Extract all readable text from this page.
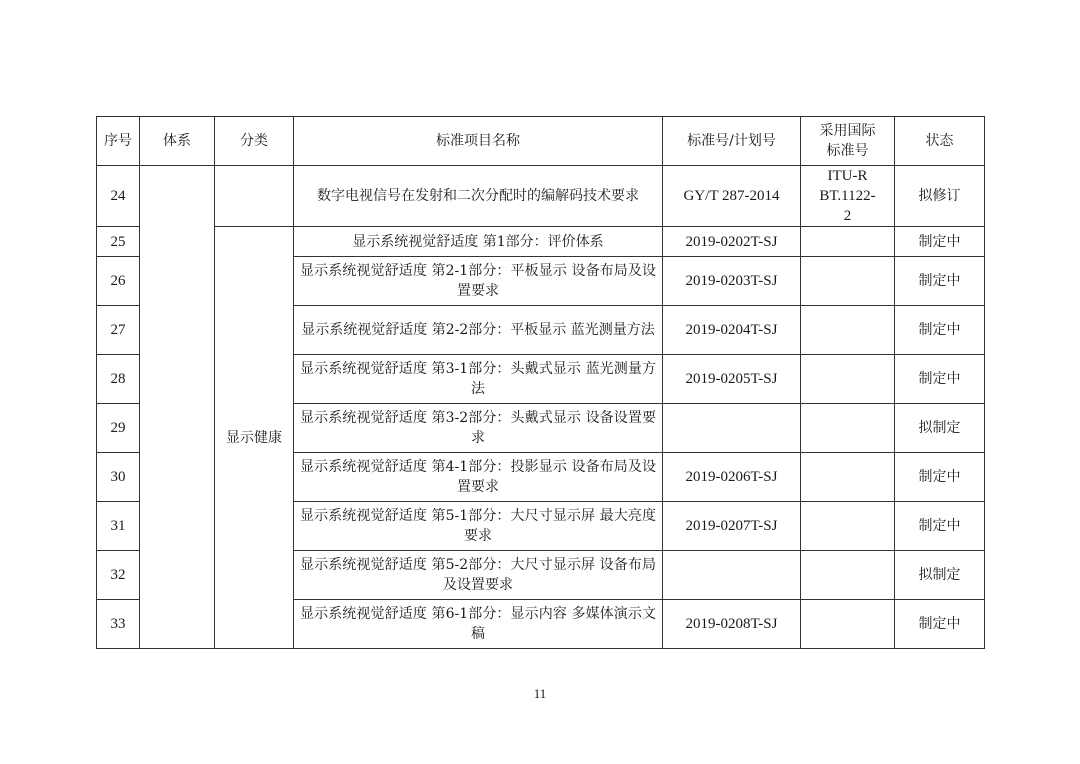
序号	体系	分类	标准项目名称	标准号/计划号	采用国际标准号	状态
24			数字电视信号在发射和二次分配时的编解码技术要求	GY/T 287-2014	ITU-R BT.1122-2	拟修订
25		显示健康	显示系统视觉舒适度 第1部分：评价体系	2019-0202T-SJ		制定中
26			显示系统视觉舒适度 第2-1部分：平板显示 设备布局及设置要求	2019-0203T-SJ		制定中
27			显示系统视觉舒适度 第2-2部分：平板显示 蓝光测量方法	2019-0204T-SJ		制定中
28			显示系统视觉舒适度 第3-1部分：头戴式显示 蓝光测量方法	2019-0205T-SJ		制定中
29			显示系统视觉舒适度 第3-2部分：头戴式显示 设备设置要求			拟制定
30			显示系统视觉舒适度 第4-1部分：投影显示 设备布局及设置要求	2019-0206T-SJ		制定中
31			显示系统视觉舒适度 第5-1部分：大尺寸显示屏 最大亮度要求	2019-0207T-SJ		制定中
32			显示系统视觉舒适度 第5-2部分：大尺寸显示屏 设备布局及设置要求			拟制定
33			显示系统视觉舒适度 第6-1部分：显示内容 多媒体演示文稿	2019-0208T-SJ		制定中
11
